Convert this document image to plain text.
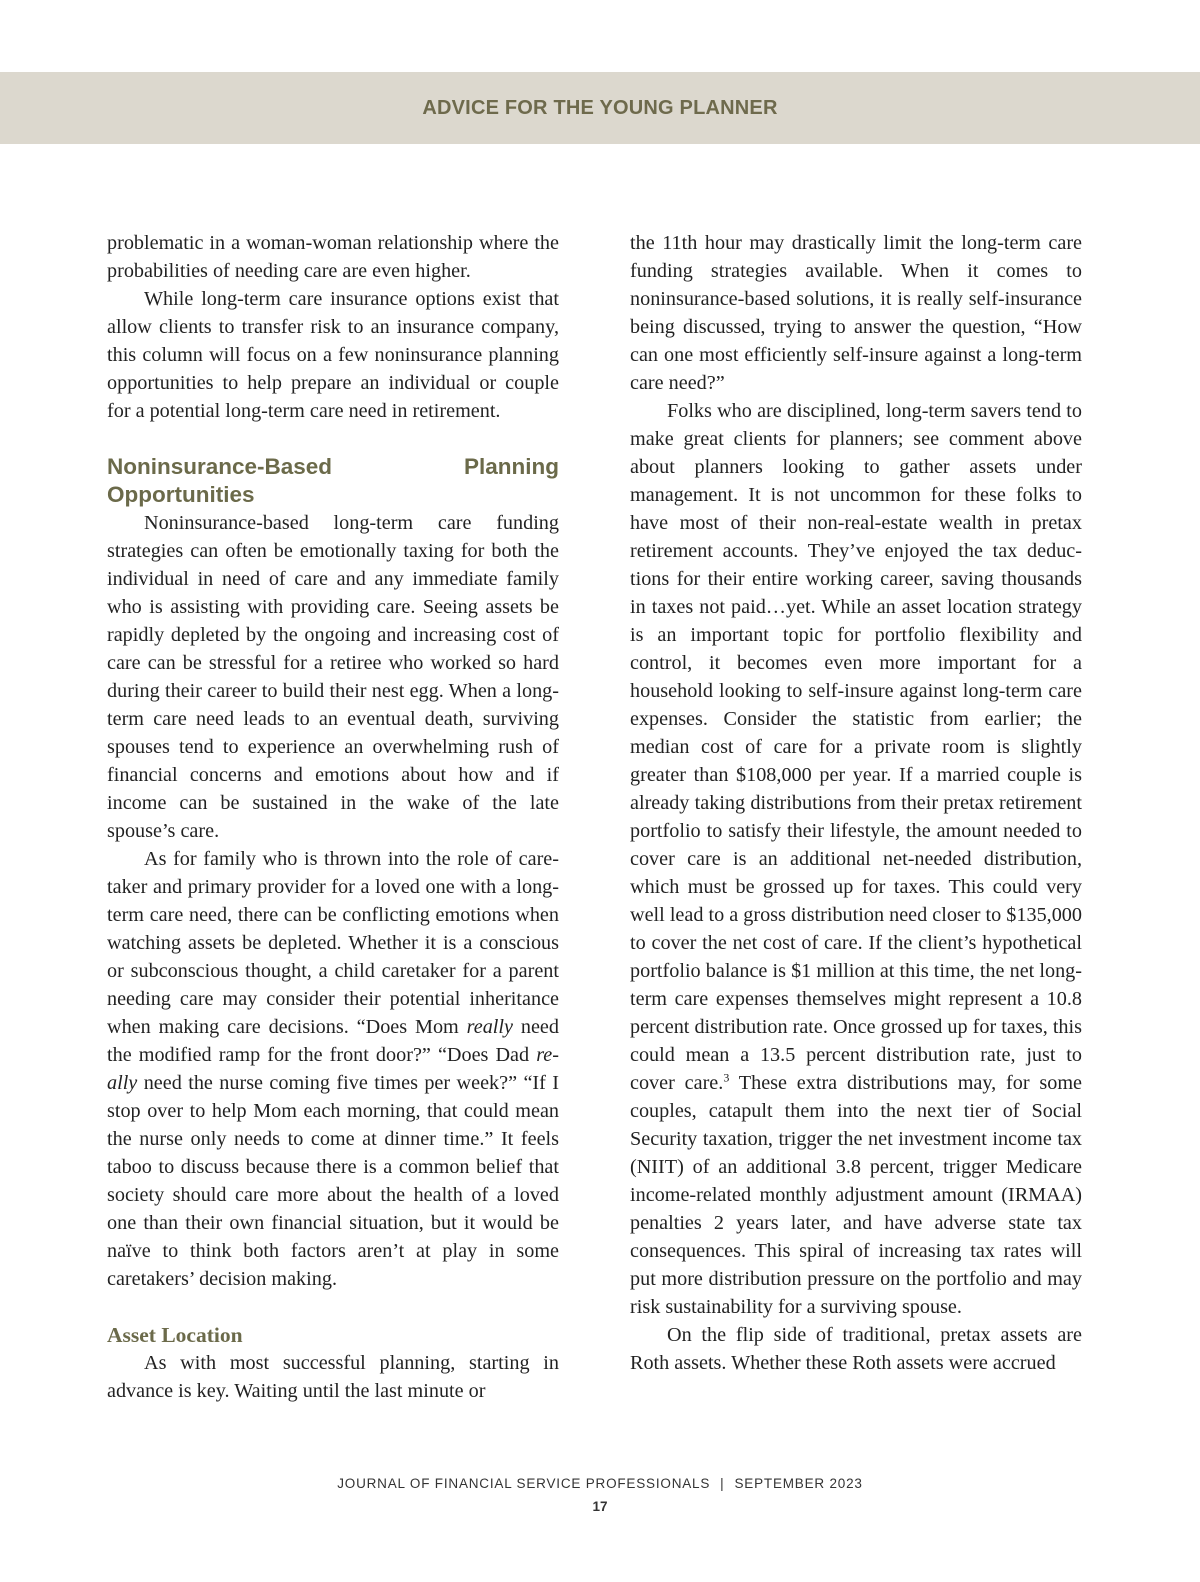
ADVICE FOR THE YOUNG PLANNER

problematic in a woman-woman relationship where the probabilities of needing care are even higher.

While long-term care insurance options exist that allow clients to transfer risk to an insurance company, this column will focus on a few noninsurance planning opportunities to help prepare an individual or couple for a potential long-term care need in retirement.

Noninsurance-Based Planning Opportunities

Noninsurance-based long-term care funding strategies can often be emotionally taxing for both the individual in need of care and any immediate family who is assisting with providing care. Seeing assets be rapidly depleted by the ongoing and increasing cost of care can be stressful for a retiree who worked so hard during their career to build their nest egg. When a long-term care need leads to an eventual death, surviving spouses tend to experience an overwhelming rush of financial concerns and emotions about how and if income can be sustained in the wake of the late spouse’s care.

As for family who is thrown into the role of caretaker and primary provider for a loved one with a long-term care need, there can be conflicting emotions when watching assets be depleted. Whether it is a conscious or subconscious thought, a child caretaker for a parent needing care may consider their potential inheritance when making care decisions. “Does Mom really need the modified ramp for the front door?” “Does Dad really need the nurse coming five times per week?” “If I stop over to help Mom each morning, that could mean the nurse only needs to come at dinner time.” It feels taboo to discuss because there is a common belief that society should care more about the health of a loved one than their own financial situation, but it would be naïve to think both factors aren’t at play in some caretakers’ decision making.

Asset Location

As with most successful planning, starting in advance is key. Waiting until the last minute or

the 11th hour may drastically limit the long-term care funding strategies available. When it comes to noninsurance-based solutions, it is really self-insurance being discussed, trying to answer the question, “How can one most efficiently self-insure against a long-term care need?”

Folks who are disciplined, long-term savers tend to make great clients for planners; see comment above about planners looking to gather assets under management. It is not uncommon for these folks to have most of their non-real-estate wealth in pretax retirement accounts. They’ve enjoyed the tax deductions for their entire working career, saving thousands in taxes not paid…yet. While an asset location strategy is an important topic for portfolio flexibility and control, it becomes even more important for a household looking to self-insure against long-term care expenses. Consider the statistic from earlier; the median cost of care for a private room is slightly greater than $108,000 per year. If a married couple is already taking distributions from their pretax retirement portfolio to satisfy their lifestyle, the amount needed to cover care is an additional net-needed distribution, which must be grossed up for taxes. This could very well lead to a gross distribution need closer to $135,000 to cover the net cost of care. If the client’s hypothetical portfolio balance is $1 million at this time, the net long-term care expenses themselves might represent a 10.8 percent distribution rate. Once grossed up for taxes, this could mean a 13.5 percent distribution rate, just to cover care.$^3$ These extra distributions may, for some couples, catapult them into the next tier of Social Security taxation, trigger the net investment income tax (NIIT) of an additional 3.8 percent, trigger Medicare income-related monthly adjustment amount (IRMAA) penalties 2 years later, and have adverse state tax consequences. This spiral of increasing tax rates will put more distribution pressure on the portfolio and may risk sustainability for a surviving spouse.

On the flip side of traditional, pretax assets are Roth assets. Whether these Roth assets were accrued

JOURNAL OF FINANCIAL SERVICE PROFESSIONALS | SEPTEMBER 2023
17
